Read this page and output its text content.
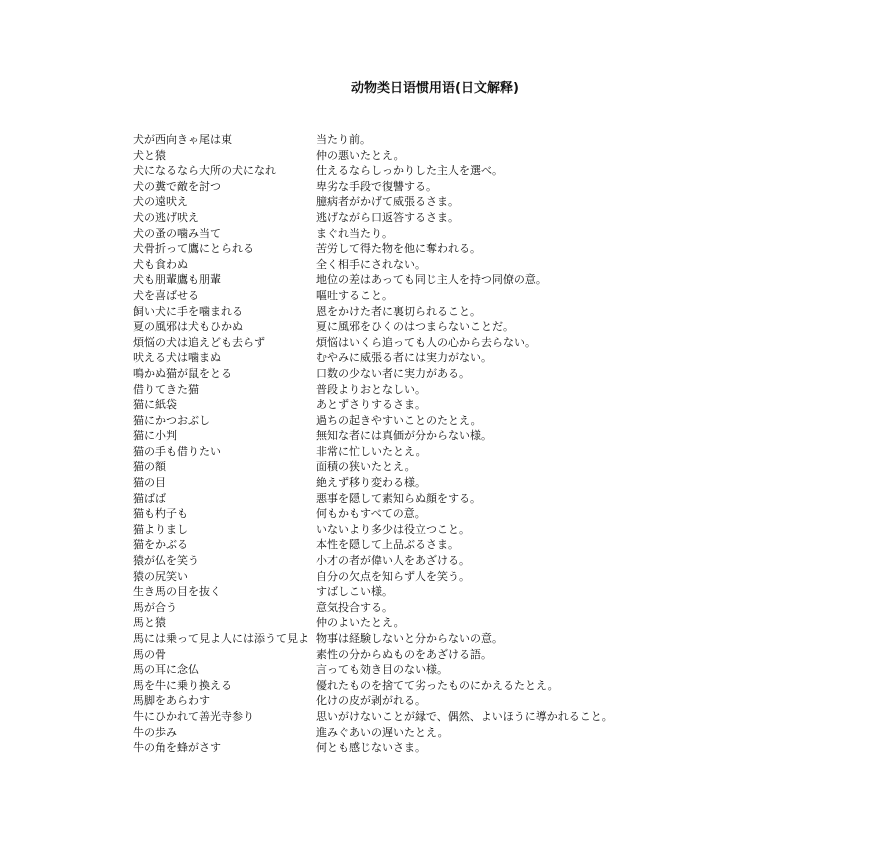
动物类日语惯用语(日文解释)
犬が西向きゃ尾は東	当たり前。
犬と猿	仲の悪いたとえ。
犬になるなら大所の犬になれ	仕えるならしっかりした主人を選べ。
犬の糞で敵を討つ	卑劣な手段で復讐する。
犬の遠吠え	臆病者がかげて威張るさま。
犬の逃げ吠え	逃げながら口返答するさま。
犬の蚤の噛み当て	まぐれ当たり。
犬骨折って鷹にとられる	苦労して得た物を他に奪われる。
犬も食わぬ	全く相手にされない。
犬も朋輩鷹も朋輩	地位の差はあっても同じ主人を持つ同僚の意。
犬を喜ばせる	嘔吐すること。
飼い犬に手を噛まれる	恩をかけた者に裏切られること。
夏の風邪は犬もひかぬ	夏に風邪をひくのはつまらないことだ。
煩悩の犬は追えども去らず	煩悩はいくら追っても人の心から去らない。
吠える犬は噛まぬ	むやみに威張る者には実力がない。
鳴かぬ猫が鼠をとる	口数の少ない者に実力がある。
借りてきた猫	普段よりおとなしい。
猫に紙袋	あとずさりするさま。
猫にかつおぶし	過ちの起きやすいことのたとえ。
猫に小判	無知な者には真価が分からない様。
猫の手も借りたい	非常に忙しいたとえ。
猫の額	面積の狭いたとえ。
猫の目	絶えず移り変わる様。
猫ばば	悪事を隠して素知らぬ顔をする。
猫も杓子も	何もかもすべての意。
猫よりまし	いないより多少は役立つこと。
猫をかぶる	本性を隠して上品ぶるさま。
猿が仏を笑う	小才の者が偉い人をあざける。
猿の尻笑い	自分の欠点を知らず人を笑う。
生き馬の目を抜く	すばしこい様。
馬が合う	意気投合する。
馬と猿	仲のよいたとえ。
馬には乗って見よ人には添うて見よ 物事は経験しないと分からないの意。
馬の骨	素性の分からぬものをあざける語。
馬の耳に念仏	言っても効き目のない様。
馬を牛に乗り換える	優れたものを捨てて劣ったものにかえるたとえ。
馬脚をあらわす	化けの皮が剥がれる。
牛にひかれて善光寺参り	思いがけないことが縁で、偶然、よいほうに導かれること。
牛の歩み	進みぐあいの遅いたとえ。
牛の角を蜂がさす	何とも感じないさま。
